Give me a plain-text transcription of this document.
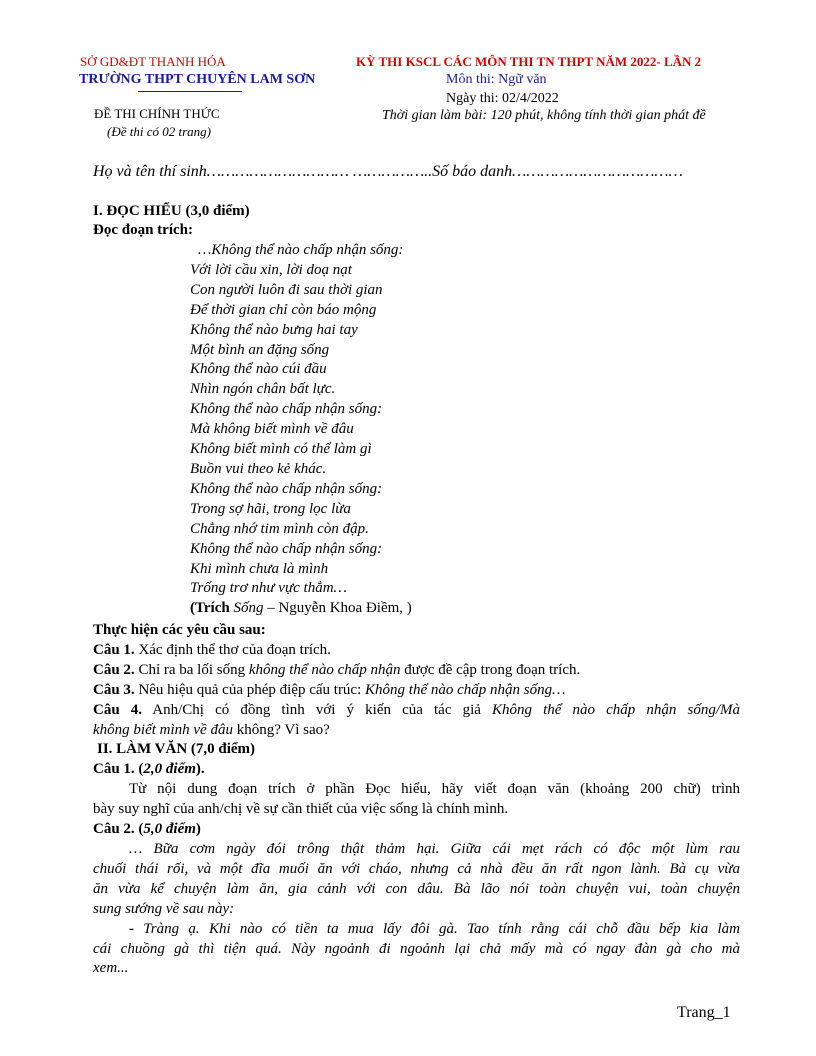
SỞ GD&ĐT THANH HÓA
TRƯỜNG THPT CHUYÊN LAM SƠN
ĐỀ THI CHÍNH THỨC
(Đề thi có 02 trang)
KỲ THI KSCL CÁC MÔN THI TN THPT NĂM 2022- LẦN 2
Môn thi: Ngữ văn
Ngày thi: 02/4/2022
Thời gian làm bài: 120 phút, không tính thời gian phát đề
Họ và tên thí sinh………………………… ……………..Số báo danh………………………………
I. ĐỌC HIỂU (3,0 điểm)
Đọc đoạn trích:
…Không thể nào chấp nhận sống:
Với lời cầu xin, lời doạ nạt
Con người luôn đi sau thời gian
Để thời gian chỉ còn báo mộng
Không thể nào bưng hai tay
Một bình an đặng sống
Không thể nào cúi đầu
Nhìn ngón chân bất lực.
Không thể nào chấp nhận sống:
Mà không biết mình về đâu
Không biết mình có thể làm gì
Buồn vui theo kẻ khác.
Không thể nào chấp nhận sống:
Trong sợ hãi, trong lọc lừa
Chẳng nhớ tim mình còn đập.
Không thể nào chấp nhận sống:
Khi mình chưa là mình
Trống trơ như vực thẳm…
(Trích Sống – Nguyễn Khoa Điềm, )
Thực hiện các yêu cầu sau:
Câu 1. Xác định thể thơ của đoạn trích.
Câu 2. Chỉ ra ba lối sống không thể nào chấp nhận được đề cập trong đoạn trích.
Câu 3. Nêu hiệu quả của phép điệp cấu trúc: Không thể nào chấp nhận sống…
Câu 4. Anh/Chị có đồng tình với ý kiến của tác giả Không thể nào chấp nhận sống/Mà
không biết mình về đâu không? Vì sao?
II. LÀM VĂN (7,0 điểm)
Câu 1. (2,0 điểm).
Từ nội dung đoạn trích ở phần Đọc hiểu, hãy viết đoạn văn (khoảng 200 chữ) trình
bày suy nghĩ của anh/chị về sự cần thiết của việc sống là chính mình.
Câu 2. (5,0 điểm)
… Bữa cơm ngày đói trông thật thảm hại. Giữa cái mẹt rách có độc một lùm rau
chuối thái rối, và một đĩa muối ăn với cháo, nhưng cả nhà đều ăn rất ngon lành. Bà cụ vừa
ăn vừa kể chuyện làm ăn, gia cảnh với con dâu. Bà lão nói toàn chuyện vui, toàn chuyện
sung sướng về sau này:
- Tràng ạ. Khi nào có tiền ta mua lấy đôi gà. Tao tính rằng cái chỗ đầu bếp kia làm
cái chuồng gà thì tiện quá. Này ngoảnh đi ngoảnh lại chả mấy mà có ngay đàn gà cho mà
xem...
Trang_1
